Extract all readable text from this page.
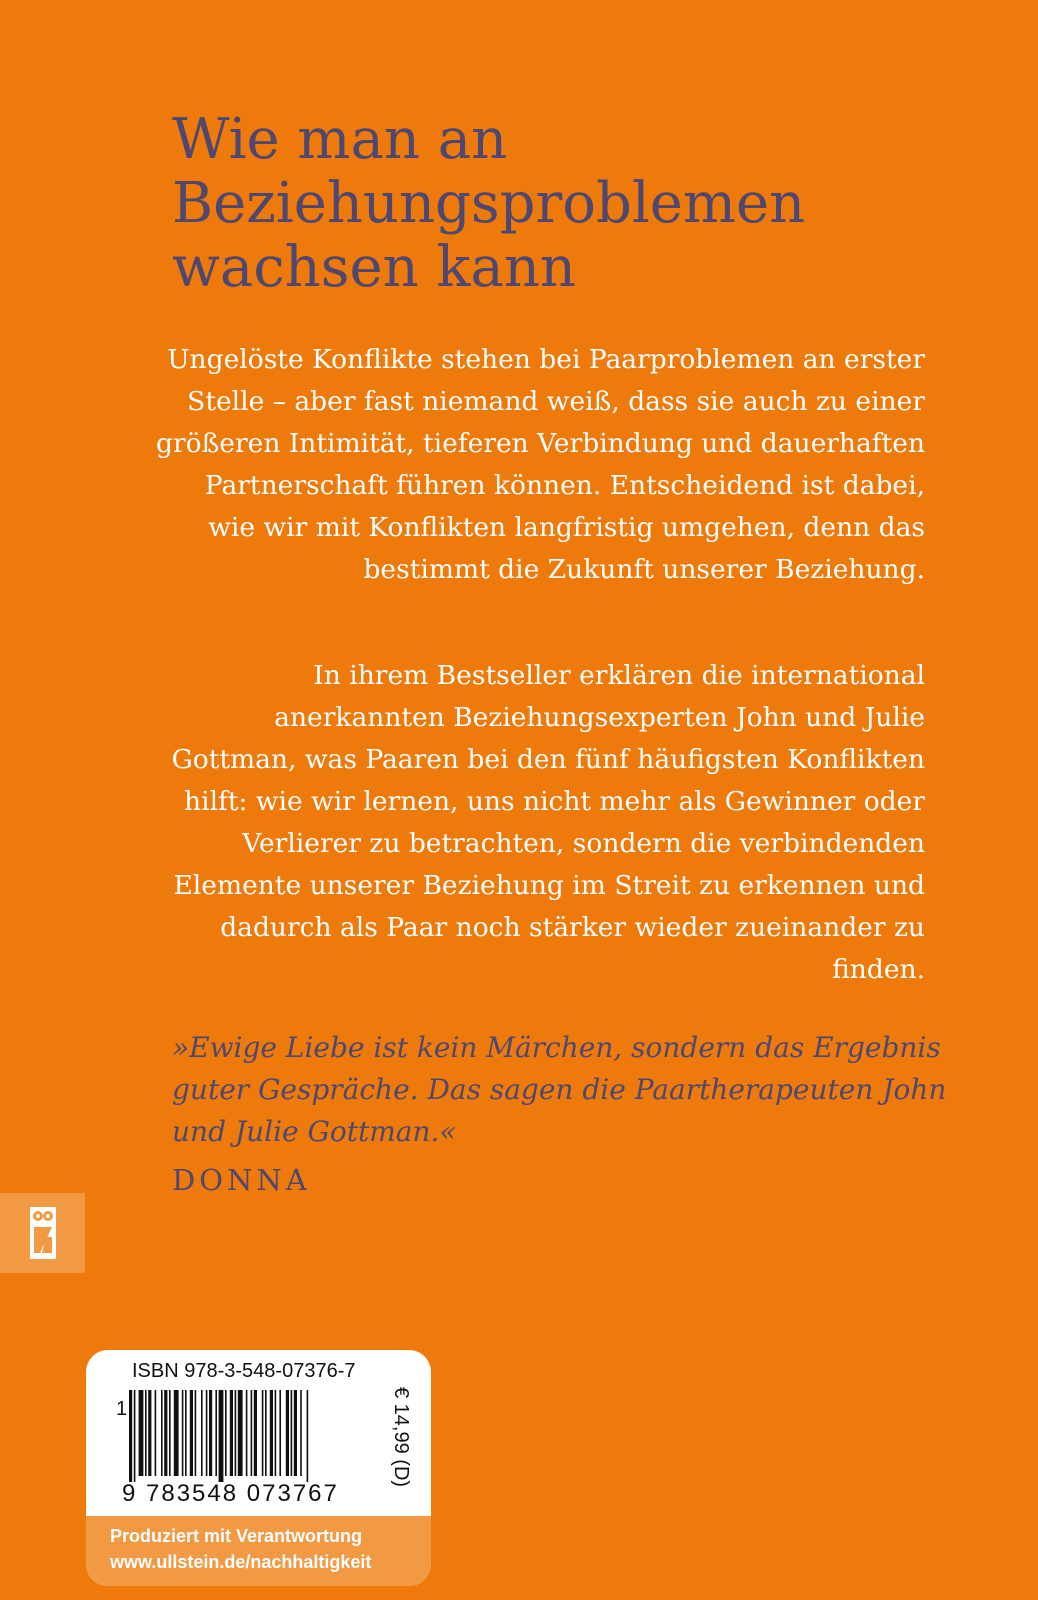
Wie man an Beziehungsproblemen wachsen kann

Ungelöste Konflikte stehen bei Paarproblemen an erster Stelle – aber fast niemand weiß, dass sie auch zu einer größeren Intimität, tieferen Verbindung und dauerhaften Partnerschaft führen können. Entscheidend ist dabei, wie wir mit Konflikten langfristig umgehen, denn das bestimmt die Zukunft unserer Beziehung.

In ihrem Bestseller erklären die international anerkannten Beziehungsexperten John und Julie Gottman, was Paaren bei den fünf häufigsten Konflikten hilft: wie wir lernen, uns nicht mehr als Gewinner oder Verlierer zu betrachten, sondern die verbindenden Elemente unserer Beziehung im Streit zu erkennen und dadurch als Paar noch stärker wieder zueinander zu finden.

»Ewige Liebe ist kein Märchen, sondern das Ergebnis guter Gespräche. Das sagen die Paartherapeuten John und Julie Gottman.«

DONNA
ISBN 978-3-548-07376-7
1
9 783548 073767
€ 14,99 (D)
Produziert mit Verantwortung
www.ullstein.de/nachhaltigkeit
